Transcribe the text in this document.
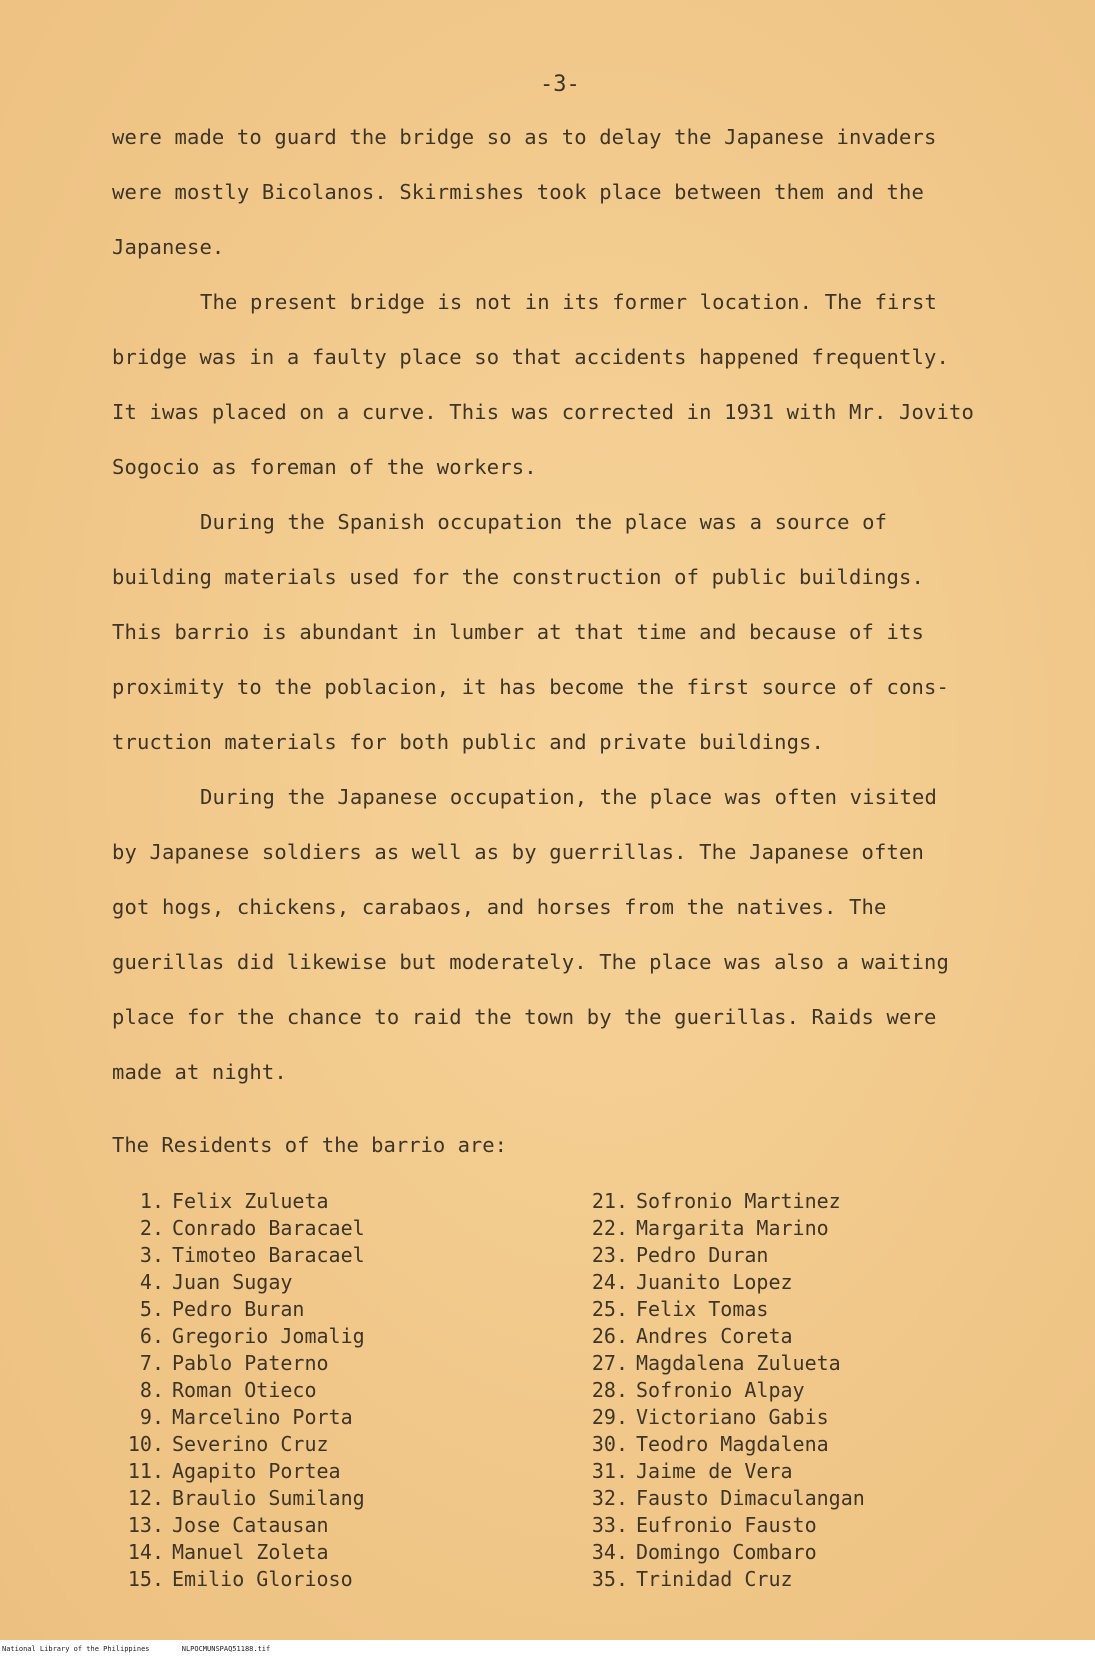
-3-
were made to guard the bridge so as to delay the Japanese invaders
were mostly Bicolanos. Skirmishes took place between them and the
Japanese.
The present bridge is not in its former location. The first
bridge was in a faulty place so that accidents happened frequently.
It iwas placed on a curve. This was corrected in 1931 with Mr. Jovito
Sogocio as foreman of the workers.
During the Spanish occupation the place was a source of
building materials used for the construction of public buildings.
This barrio is abundant in lumber at that time and because of its
proximity to the poblacion, it has become the first source of cons-
truction materials for both public and private buildings.
During the Japanese occupation, the place was often visited
by Japanese soldiers as well as by guerrillas. The Japanese often
got hogs, chickens, carabaos, and horses from the natives. The
guerillas did likewise but moderately. The place was also a waiting
place for the chance to raid the town by the guerillas. Raids were
made at night.
The Residents of the barrio are:
1. Felix Zulueta
2. Conrado Baracael
3. Timoteo Baracael
4. Juan Sugay
5. Pedro Buran
6. Gregorio Jomalig
7. Pablo Paterno
8. Roman Otieco
9. Marcelino Porta
10. Severino Cruz
11. Agapito Portea
12. Braulio Sumilang
13. Jose Catausan
14. Manuel Zoleta
15. Emilio Glorioso
21. Sofronio Martinez
22. Margarita Marino
23. Pedro Duran
24. Juanito Lopez
25. Felix Tomas
26. Andres Coreta
27. Magdalena Zulueta
28. Sofronio Alpay
29. Victoriano Gabis
30. Teodro Magdalena
31. Jaime de Vera
32. Fausto Dimaculangan
33. Eufronio Fausto
34. Domingo Combaro
35. Trinidad Cruz
National Library of the Philippines	NLPOCMUNSPAQ51188.tif
